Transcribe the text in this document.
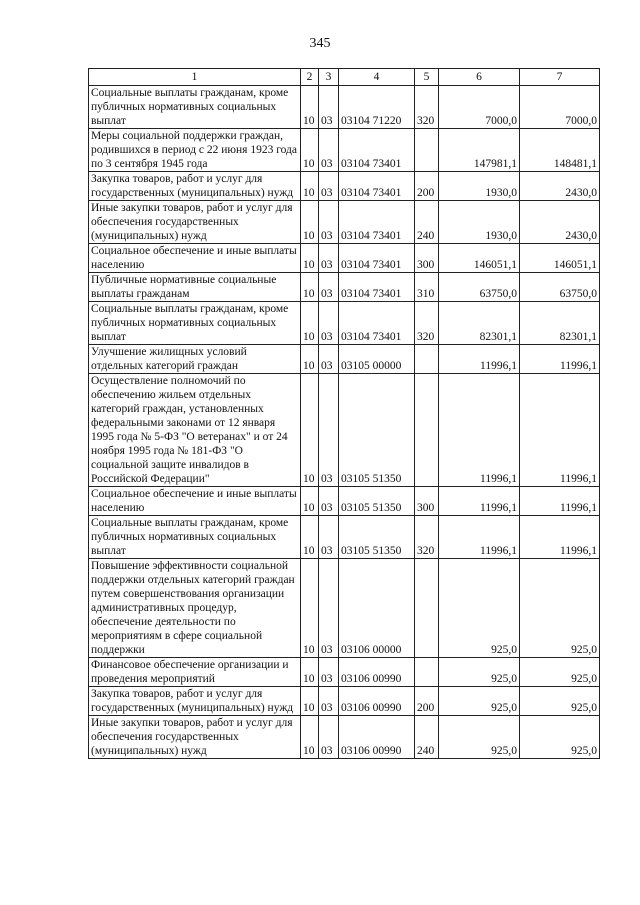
345
1	2	3	4	5	6	7
Социальные выплаты гражданам, кроме публичных нормативных социальных выплат	10	03	03104 71220	320	7000,0	7000,0
Меры социальной поддержки граждан, родившихся в период с 22 июня 1923 года по 3 сентября 1945 года	10	03	03104 73401		147981,1	148481,1
Закупка товаров, работ и услуг для государственных (муниципальных) нужд	10	03	03104 73401	200	1930,0	2430,0
Иные закупки товаров, работ и услуг для обеспечения государственных (муниципальных) нужд	10	03	03104 73401	240	1930,0	2430,0
Социальное обеспечение и иные выплаты населению	10	03	03104 73401	300	146051,1	146051,1
Публичные нормативные социальные выплаты гражданам	10	03	03104 73401	310	63750,0	63750,0
Социальные выплаты гражданам, кроме публичных нормативных социальных выплат	10	03	03104 73401	320	82301,1	82301,1
Улучшение жилищных условий отдельных категорий граждан	10	03	03105 00000		11996,1	11996,1
Осуществление полномочий по обеспечению жильем отдельных категорий граждан, установленных федеральными законами от 12 января 1995 года № 5-ФЗ "О ветеранах" и от 24 ноября 1995 года № 181-ФЗ "О социальной защите инвалидов в Российской Федерации"	10	03	03105 51350		11996,1	11996,1
Социальное обеспечение и иные выплаты населению	10	03	03105 51350	300	11996,1	11996,1
Социальные выплаты гражданам, кроме публичных нормативных социальных выплат	10	03	03105 51350	320	11996,1	11996,1
Повышение эффективности социальной поддержки отдельных категорий граждан путем совершенствования организации административных процедур, обеспечение деятельности по мероприятиям в сфере социальной поддержки	10	03	03106 00000		925,0	925,0
Финансовое обеспечение организации и проведения мероприятий	10	03	03106 00990		925,0	925,0
Закупка товаров, работ и услуг для государственных (муниципальных) нужд	10	03	03106 00990	200	925,0	925,0
Иные закупки товаров, работ и услуг для обеспечения государственных (муниципальных) нужд	10	03	03106 00990	240	925,0	925,0
